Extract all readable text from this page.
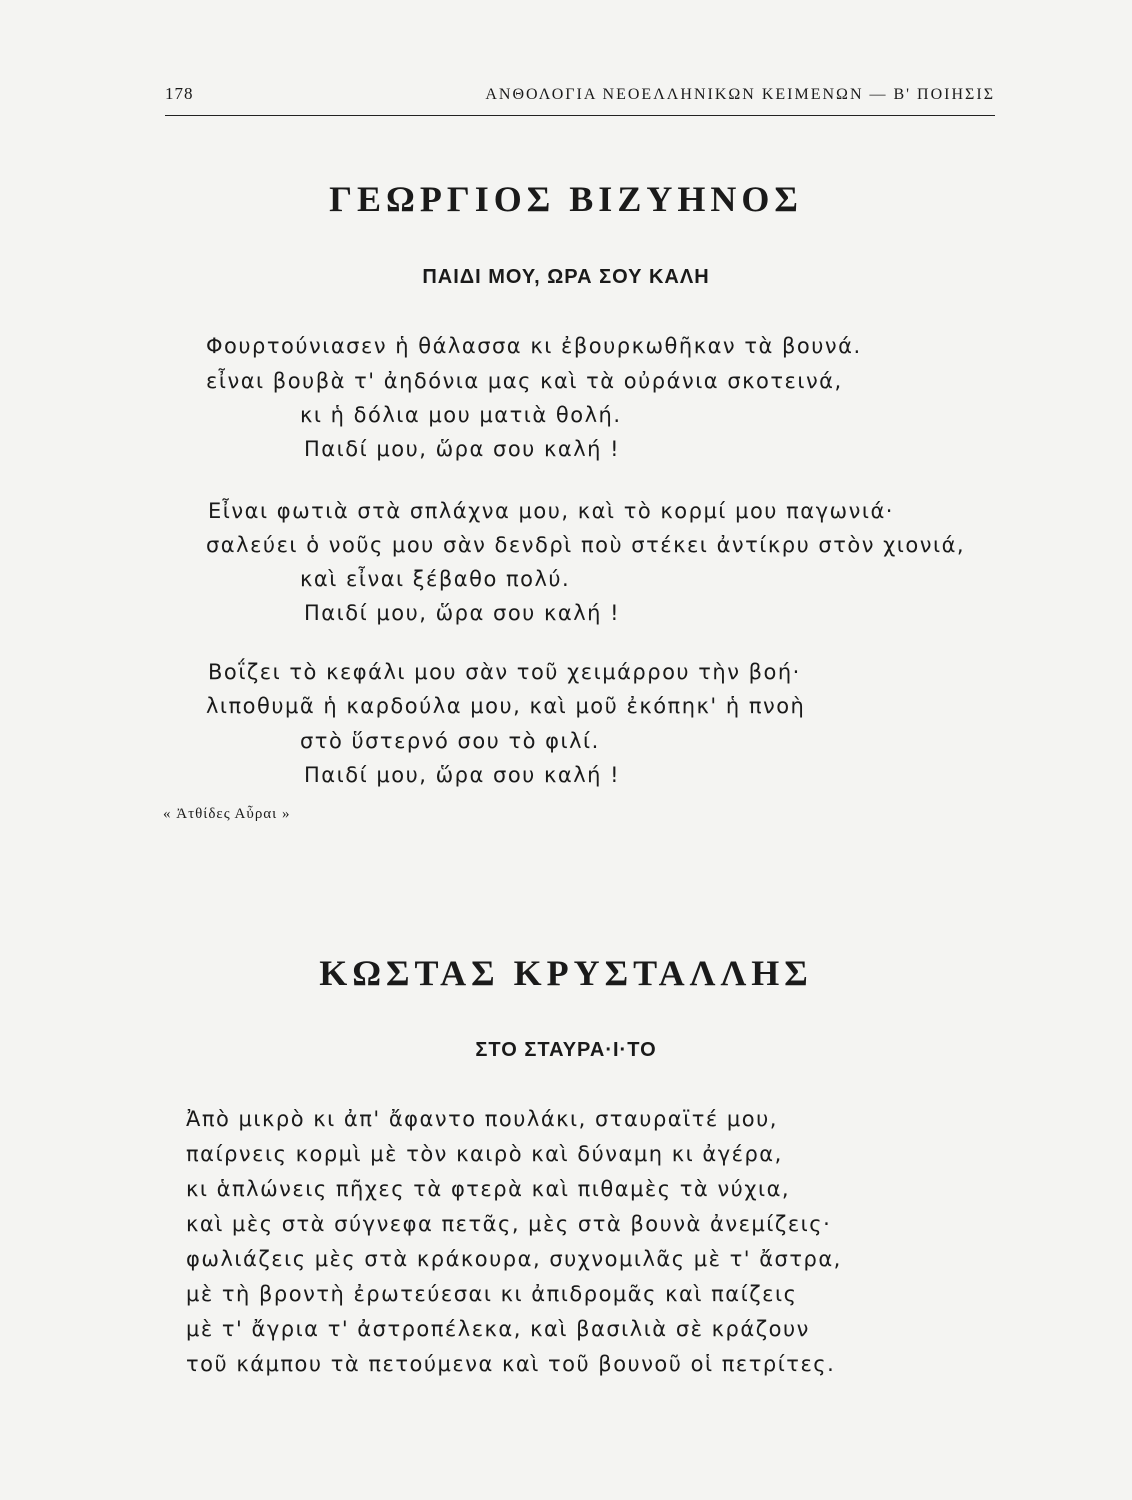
178	ΑΝΘΟΛΟΓΙΑ ΝΕΟΕΛΛΗΝΙΚΩΝ ΚΕΙΜΕΝΩΝ — Β' ΠΟΙΗΣΙΣ
ΓΕΩΡΓΙΟΣ ΒΙΖΥΗΝΟΣ
ΠΑΙΔΙ ΜΟΥ, ΩΡΑ ΣΟΥ ΚΑΛΗ
Φουρτούνιασεν ἡ θάλασσα κι ἐβουρκωθῆκαν τὰ βουνά.
εἶναι βουβὰ τ' ἀηδόνια μας καὶ τὰ οὐράνια σκοτεινά,
κι ἡ δόλια μου ματιὰ θολή.
Παιδί μου, ὥρα σου καλή !
Εἶναι φωτιὰ στὰ σπλάχνα μου, καὶ τὸ κορμί μου παγωνιά·
σαλεύει ὁ νοῦς μου σὰν δενδρὶ ποὺ στέκει ἀντίκρυ στὸν χιονιά,
καὶ εἶναι ξέβαθο πολύ.
Παιδί μου, ὥρα σου καλή !
Βοΐζει τὸ κεφάλι μου σὰν τοῦ χειμάρρου τὴν βοή·
λιποθυμᾶ ἡ καρδούλα μου, καὶ μοῦ ἐκόπηκ' ἡ πνοὴ
στὸ ὕστερνό σου τὸ φιλί.
Παιδί μου, ὥρα σου καλή !
« Ἀτθίδες Αὖραι »
ΚΩΣΤΑΣ ΚΡΥΣΤΑΛΛΗΣ
ΣΤΟ ΣΤΑΥΡΑ·Ι·ΤΟ
Ἀπὸ μικρὸ κι ἀπ' ἄφαντο πουλάκι, σταυραϊτέ μου,
παίρνεις κορμὶ μὲ τὸν καιρὸ καὶ δύναμη κι ἀγέρα,
κι ἁπλώνεις πῆχες τὰ φτερὰ καὶ πιθαμὲς τὰ νύχια,
καὶ μὲς στὰ σύγνεφα πετᾶς, μὲς στὰ βουνὰ ἀνεμίζεις·
φωλιάζεις μὲς στὰ κράκουρα, συχνομιλᾶς μὲ τ' ἄστρα,
μὲ τὴ βροντὴ ἐρωτεύεσαι κι ἀπιδρομᾶς καὶ παίζεις
μὲ τ' ἄγρια τ' ἀστροπέλεκα, καὶ βασιλιὰ σὲ κράζουν
τοῦ κάμπου τὰ πετούμενα καὶ τοῦ βουνοῦ οἱ πετρίτες.
